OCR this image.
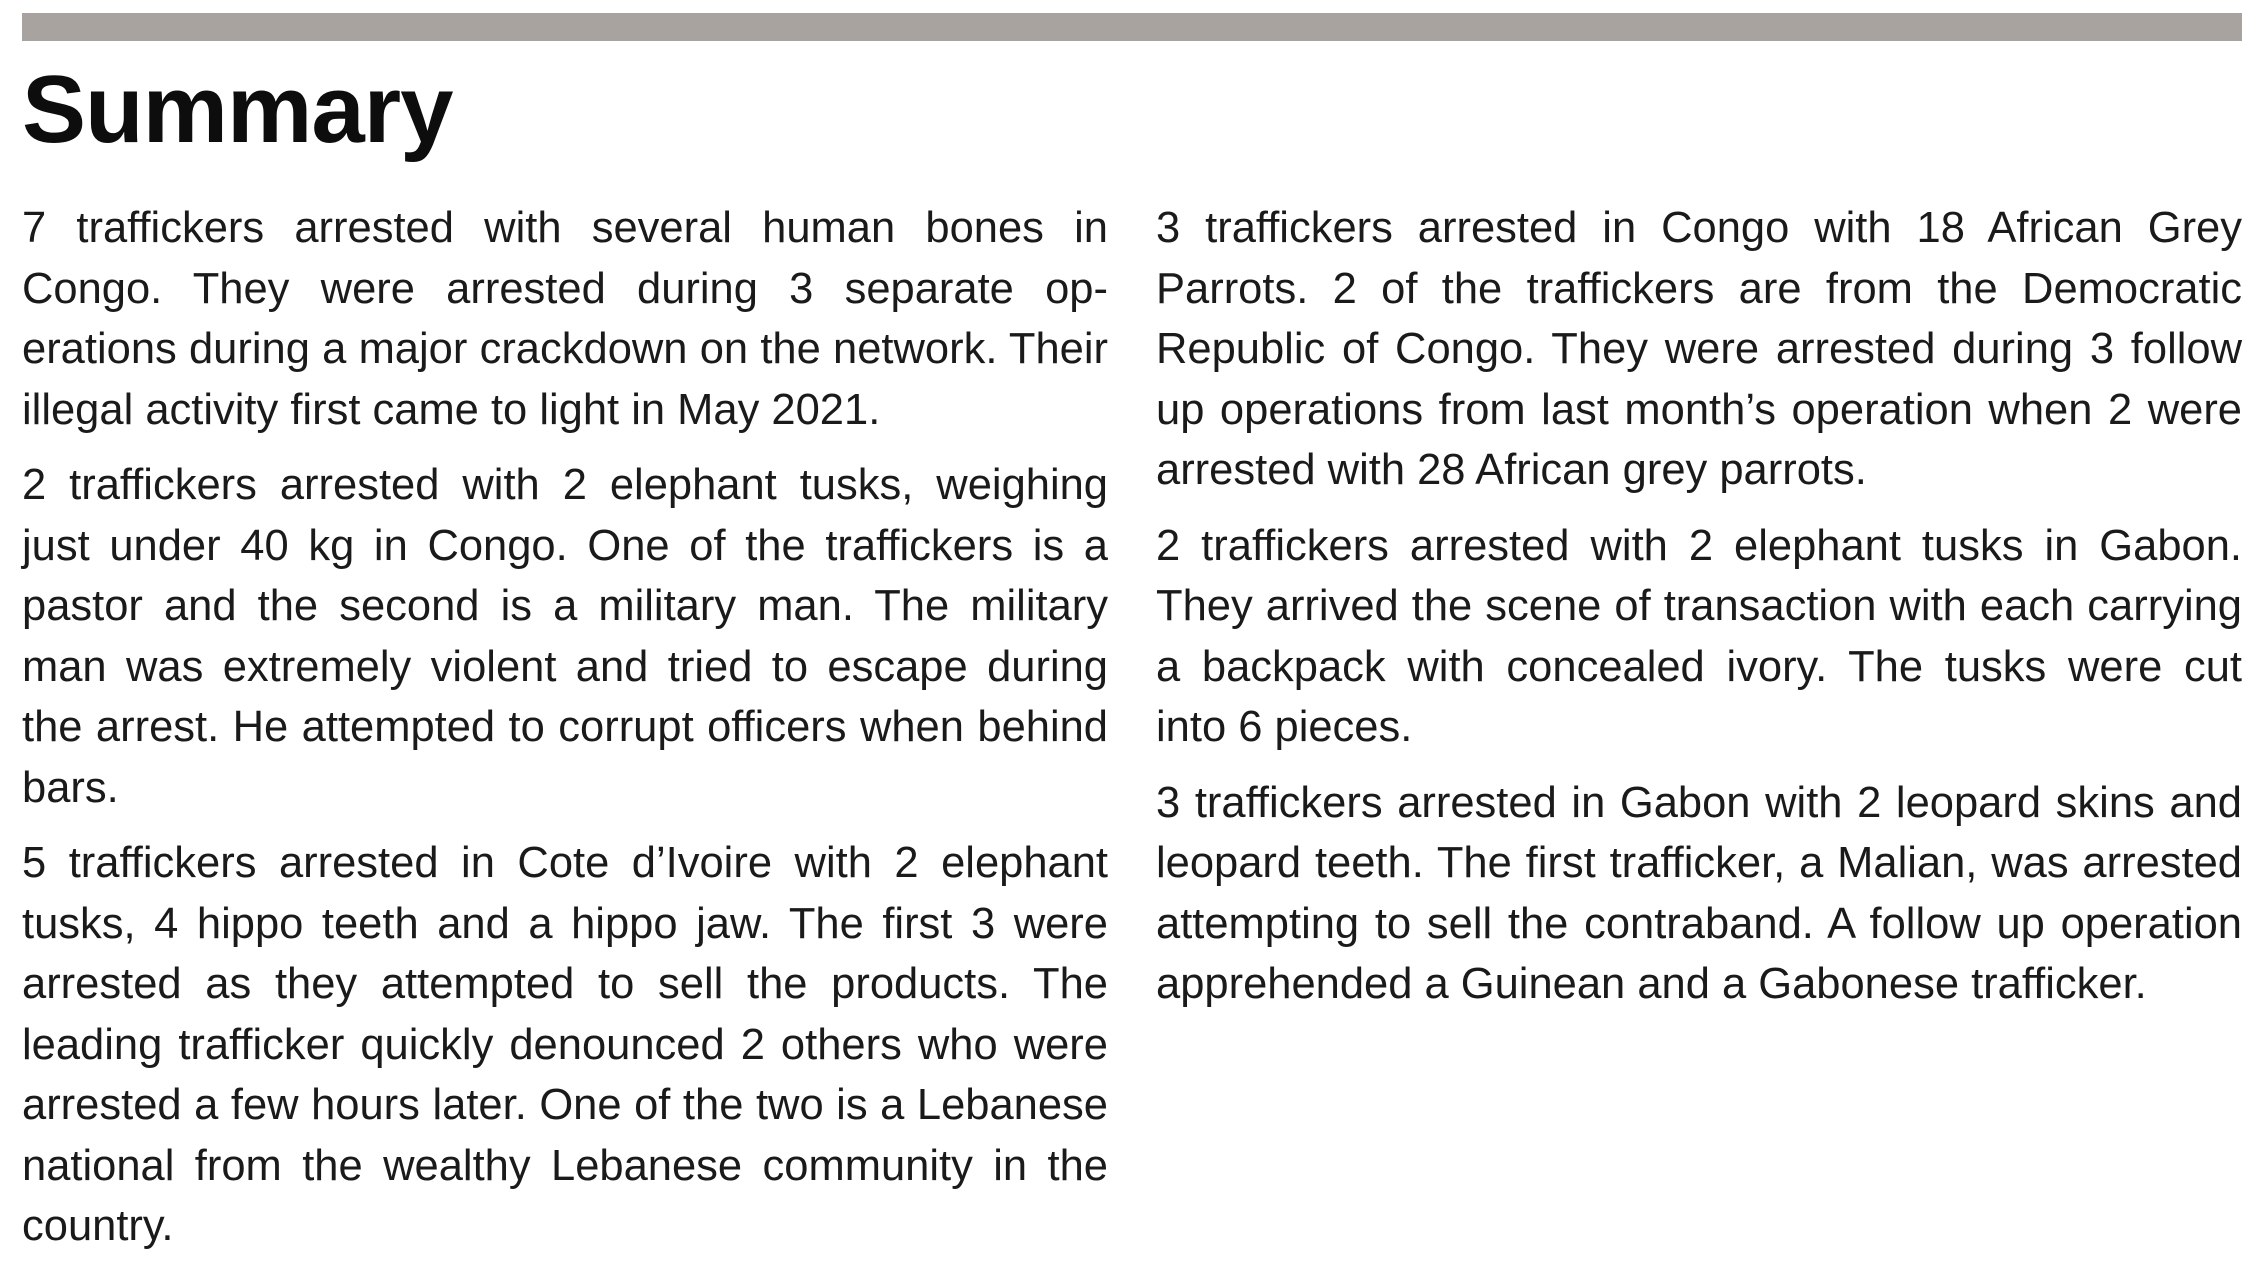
Summary

7 traffickers arrested with several human bones in Congo. They were arrested during 3 separate operations during a major crackdown on the network. Their illegal activity first came to light in May 2021.

2 traffickers arrested with 2 elephant tusks, weighing just under 40 kg in Congo. One of the traffickers is a pastor and the second is a military man. The military man was extremely violent and tried to escape during the arrest. He attempted to corrupt officers when behind bars.

5 traffickers arrested in Cote d’Ivoire with 2 elephant tusks, 4 hippo teeth and a hippo jaw. The first 3 were arrested as they attempted to sell the products. The leading trafficker quickly denounced 2 others who were arrested a few hours later. One of the two is a Lebanese national from the wealthy Lebanese community in the country.

3 traffickers arrested in Congo with 18 African Grey Parrots. 2 of the traffickers are from the Democratic Republic of Congo. They were arrested during 3 follow up operations from last month’s operation when 2 were arrested with 28 African grey parrots.

2 traffickers arrested with 2 elephant tusks in Gabon. They arrived the scene of transaction with each carrying a backpack with concealed ivory. The tusks were cut into 6 pieces.

3 traffickers arrested in Gabon with 2 leopard skins and leopard teeth. The first trafficker, a Malian, was arrested attempting to sell the contraband. A follow up operation apprehended a Guinean and a Gabonese trafficker.
